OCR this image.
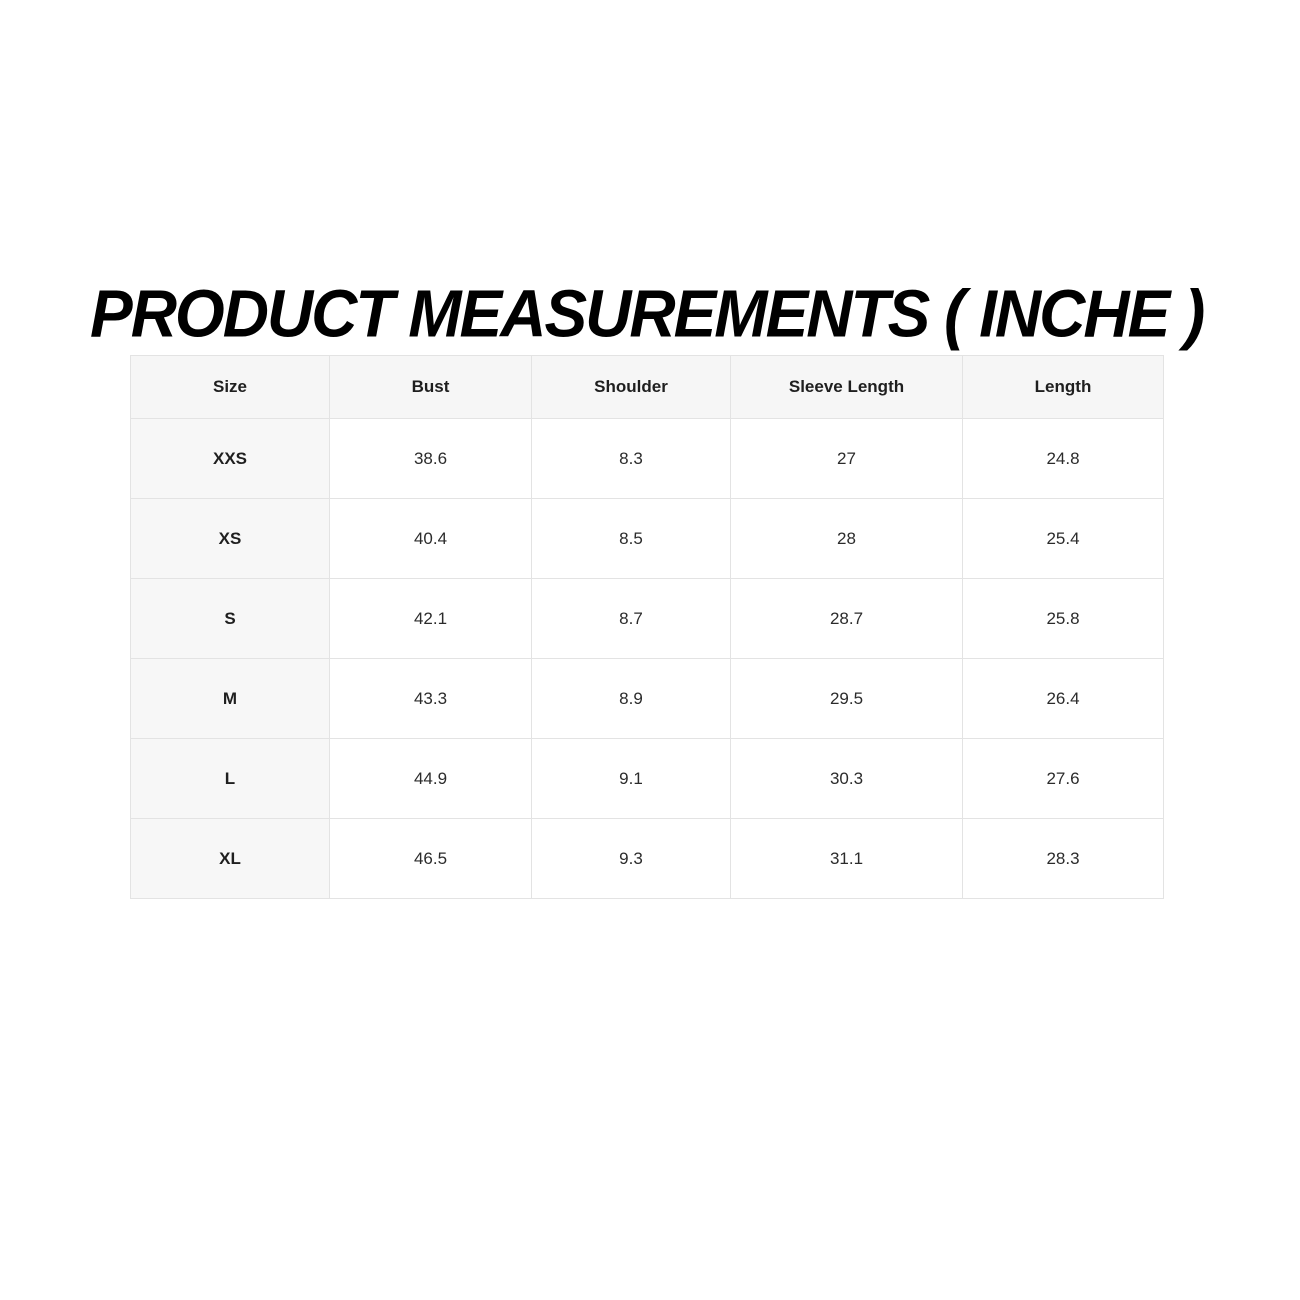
PRODUCT MEASUREMENTS ( INCHE )
Size	Bust	Shoulder	Sleeve Length	Length
XXS	38.6	8.3	27	24.8
XS	40.4	8.5	28	25.4
S	42.1	8.7	28.7	25.8
M	43.3	8.9	29.5	26.4
L	44.9	9.1	30.3	27.6
XL	46.5	9.3	31.1	28.3
